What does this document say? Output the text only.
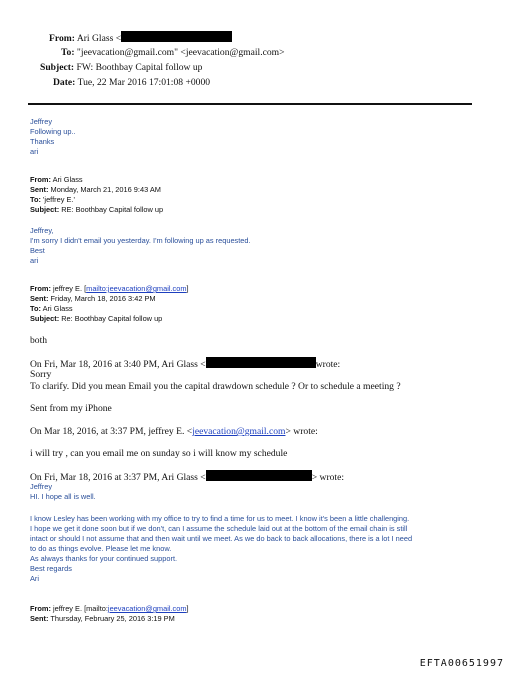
From: Ari Glass <
To: "jeevacation@gmail.com" <jeevacation@gmail.com>
Subject: FW: Boothbay Capital follow up
Date: Tue, 22 Mar 2016 17:01:08 +0000
Jeffrey
Following up..
Thanks
ari
From: Ari Glass
Sent: Monday, March 21, 2016 9:43 AM
To: 'jeffrey E.'
Subject: RE: Boothbay Capital follow up
Jeffrey,
I'm sorry I didn't email you yesterday. I'm following up as requested.
Best
ari
From: jeffrey E. [mailto:jeevacation@gmail.com]
Sent: Friday, March 18, 2016 3:42 PM
To: Ari Glass
Subject: Re: Boothbay Capital follow up
both
On Fri, Mar 18, 2016 at 3:40 PM, Ari Glass <	wrote:
Sorry
To clarify. Did you mean Email you the capital drawdown schedule ? Or to schedule a meeting ?
Sent from my iPhone
On Mar 18, 2016, at 3:37 PM, jeffrey E. <jeevacation@gmail.com> wrote:
i will try , can you email me on sunday so i will know my schedule
On Fri, Mar 18, 2016 at 3:37 PM, Ari Glass <	> wrote:
Jeffrey
HI. I hope all is well.
I know Lesley has been working with my office to try to find a time for us to meet. I know it's been a little challenging.
I hope we get it done soon but if we don't, can I assume the schedule laid out at the bottom of the email chain is still
intact or should I not assume that and then wait until we meet. As we do back to back allocations, there is a lot I need
to do as things evolve. Please let me know.
As always thanks for your continued support.
Best regards
Ari
From: jeffrey E. [mailto:jeevacation@gmail.com]
Sent: Thursday, February 25, 2016 3:19 PM
EFTA00651997
